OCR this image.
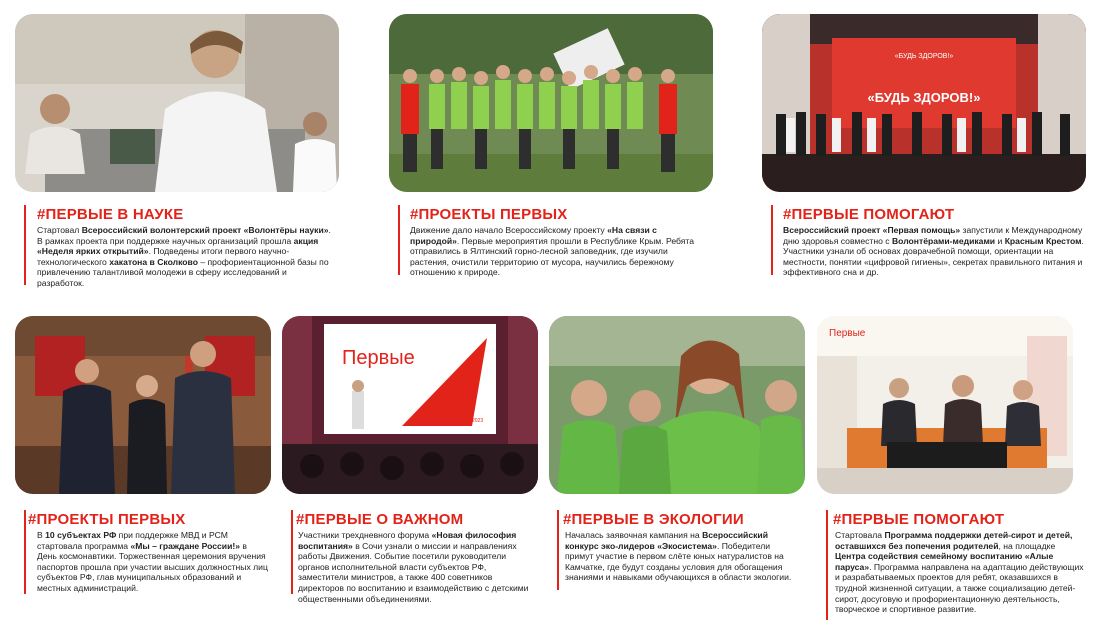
#ПЕРВЫЕ В НАУКЕ
Стартовал Всероссийский волонтерский проект «Волонтёры науки». В рамках проекта при поддержке научных организаций прошла акция «Неделя ярких открытий». Подведены итоги первого научно-технологического хакатона в Сколково – профориентационной базы по привлечению талантливой молодежи в сферу исследований и разработок.
#ПРОЕКТЫ ПЕРВЫХ
Движение дало начало Всероссийскому проекту «На связи с природой». Первые мероприятия прошли в Республике Крым. Ребята отправились в Ялтинский горно-лесной заповедник, где изучили растения, очистили территорию от мусора, научились бережному отношению к природе.
«БУДЬ ЗДОРОВ!»
«БУДЬ ЗДОРОВ!»
#ПЕРВЫЕ ПОМОГАЮТ
Всероссийский проект «Первая помощь» запустили к Международному дню здоровья совместно с Волонтёрами-медиками и Красным Крестом. Участники узнали об основах доврачебной помощи, ориентации на местности, понятии «цифровой гигиены», секретах правильного питания и эффективного сна и др.
#ПРОЕКТЫ ПЕРВЫХ
В 10 субъектах РФ при поддержке МВД и РСМ стартовала программа «Мы – граждане России!» в День космонавтики. Торжественная церемония вручения паспортов прошла при участии высших должностных лиц субъектов РФ, глав муниципальных образований и местных администраций.
Первые
2023
#ПЕРВЫЕ О ВАЖНОМ
Участники трехдневного форума «Новая философия воспитания» в Сочи узнали о миссии и направлениях работы Движения. Событие посетили руководители органов исполнительной власти субъектов РФ, заместители министров, а также 400 советников директоров по воспитанию и взаимодействию с детскими общественными объединениями.
#ПЕРВЫЕ В ЭКОЛОГИИ
Началась заявочная кампания на Всероссийский конкурс эко-лидеров «Экосистема». Победители примут участие в первом слёте юных натуралистов на Камчатке, где будут созданы условия для обогащения знаниями и навыками обучающихся в области экологии.
Первые
#ПЕРВЫЕ ПОМОГАЮТ
Стартовала Программа поддержки детей-сирот и детей, оставшихся без попечения родителей, на площадке Центра содействия семейному воспитанию «Алые паруса». Программа направлена на адаптацию действующих и разрабатываемых проектов для ребят, оказавшихся в трудной жизненной ситуации, а также социализацию детей-сирот, досуговую и профориентационную деятельность, творческое и спортивное развитие.
